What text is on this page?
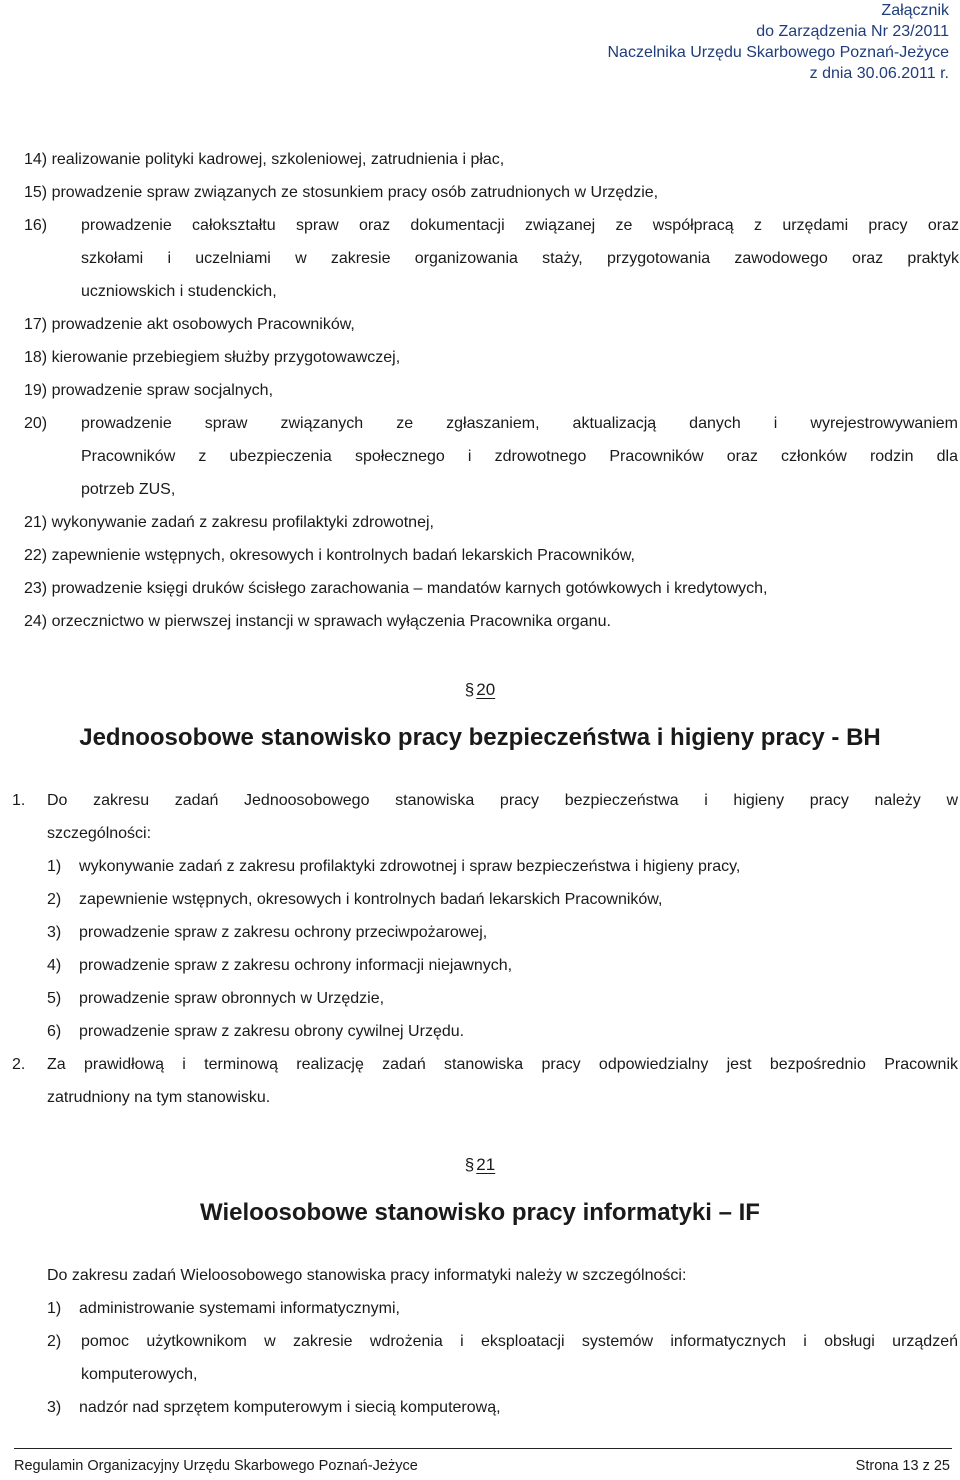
Załącznik
do Zarządzenia Nr 23/2011
Naczelnika Urzędu Skarbowego Poznań-Jeżyce
z dnia 30.06.2011 r.
14) realizowanie polityki kadrowej, szkoleniowej, zatrudnienia i płac,
15) prowadzenie spraw związanych ze stosunkiem pracy osób zatrudnionych w Urzędzie,
16) prowadzenie całokształtu spraw oraz dokumentacji związanej ze współpracą z urzędami pracy oraz
szkołami i uczelniami w zakresie organizowania staży, przygotowania zawodowego oraz praktyk
uczniowskich i studenckich,
17) prowadzenie akt osobowych Pracowników,
18) kierowanie przebiegiem służby przygotowawczej,
19) prowadzenie spraw socjalnych,
20) prowadzenie spraw związanych ze zgłaszaniem, aktualizacją danych i wyrejestrowywaniem
Pracowników z ubezpieczenia społecznego i zdrowotnego Pracowników oraz członków rodzin dla
potrzeb ZUS,
21) wykonywanie zadań z zakresu profilaktyki zdrowotnej,
22) zapewnienie wstępnych, okresowych i kontrolnych badań lekarskich Pracowników,
23) prowadzenie księgi druków ścisłego zarachowania – mandatów karnych gotówkowych i kredytowych,
24) orzecznictwo w pierwszej instancji w sprawach wyłączenia Pracownika organu.
§ 20
Jednoosobowe stanowisko pracy bezpieczeństwa i higieny pracy - BH
1. Do zakresu zadań Jednoosobowego stanowiska pracy bezpieczeństwa i higieny pracy należy w
szczególności:
1) wykonywanie zadań z zakresu profilaktyki zdrowotnej i spraw bezpieczeństwa i higieny pracy,
2) zapewnienie wstępnych, okresowych i kontrolnych badań lekarskich Pracowników,
3) prowadzenie spraw z zakresu ochrony przeciwpożarowej,
4) prowadzenie spraw z zakresu ochrony informacji niejawnych,
5) prowadzenie spraw obronnych w Urzędzie,
6) prowadzenie spraw z zakresu obrony cywilnej Urzędu.
2. Za prawidłową i terminową realizację zadań stanowiska pracy odpowiedzialny jest bezpośrednio Pracownik
zatrudniony na tym stanowisku.
§ 21
Wieloosobowe stanowisko pracy informatyki – IF
Do zakresu zadań Wieloosobowego stanowiska pracy informatyki należy w szczególności:
1) administrowanie systemami informatycznymi,
2) pomoc użytkownikom w zakresie wdrożenia i eksploatacji systemów informatycznych i obsługi urządzeń
komputerowych,
3) nadzór nad sprzętem komputerowym i siecią komputerową,
Regulamin Organizacyjny Urzędu Skarbowego Poznań-Jeżyce	Strona 13 z 25
